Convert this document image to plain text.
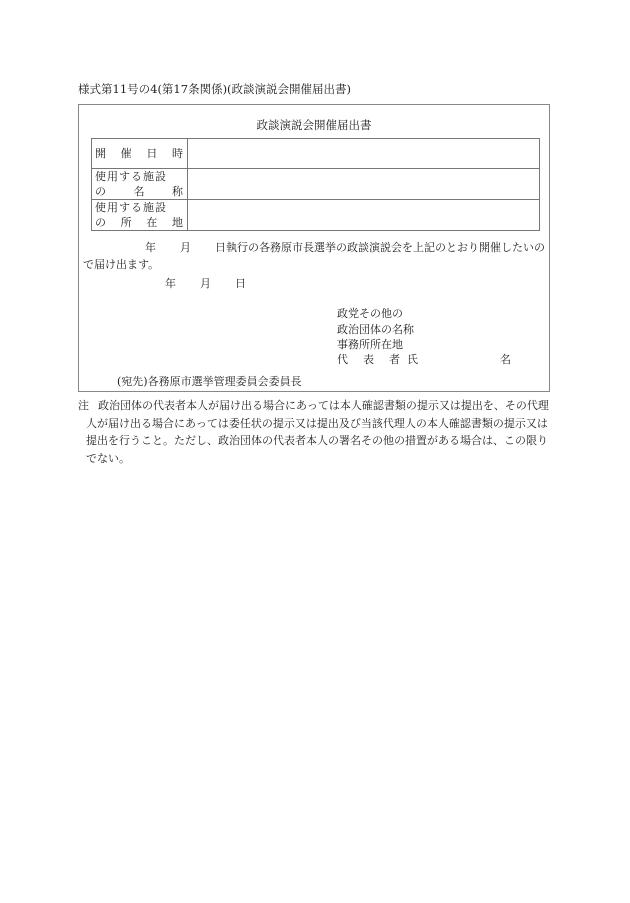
様式第11号の4(第17条関係)(政談演説会開催届出書)
政談演説会開催届出書
開 催 日 時	

使用する施設
の 名 称	

使用する施設
の 所 在 地	

年 月 日執行の各務原市長選挙の政談演説会を上記のとおり開催したいので届け出ます。
年 月 日
政党その他の
政治団体の名称
事務所所在地
代	表	者 氏	名
(宛先)各務原市選挙管理委員会委員長
注 政治団体の代表者本人が届け出る場合にあっては本人確認書類の提示又は提出を、その代理人が届け出る場合にあっては委任状の提示又は提出及び当該代理人の本人確認書類の提示又は提出を行うこと。ただし、政治団体の代表者本人の署名その他の措置がある場合は、この限りでない。
